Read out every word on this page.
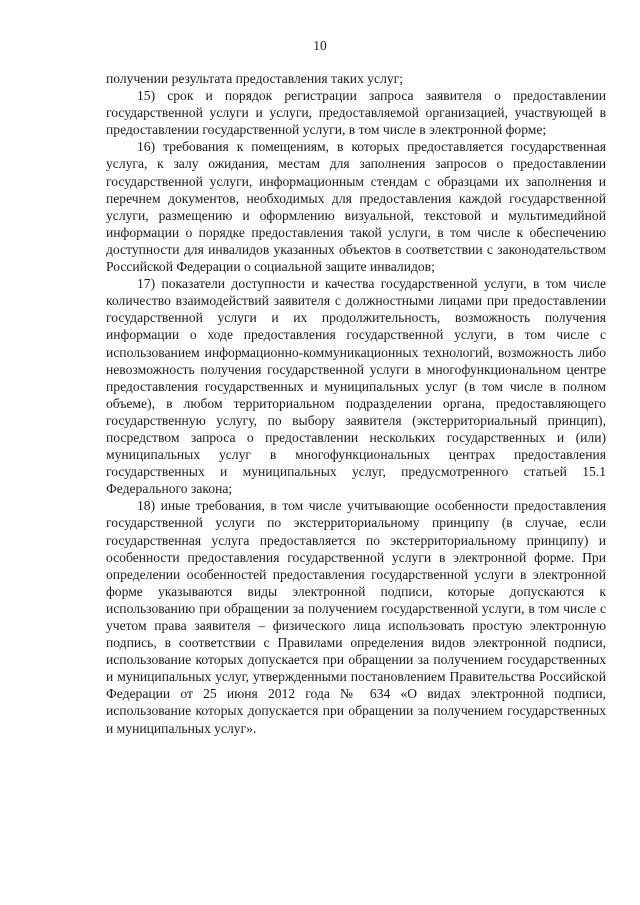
10

получении результата предоставления таких услуг;

15) срок и порядок регистрации запроса заявителя о предоставлении государственной услуги и услуги, предоставляемой организацией, участвующей в предоставлении государственной услуги, в том числе в электронной форме;

16) требования к помещениям, в которых предоставляется государственная услуга, к залу ожидания, местам для заполнения запросов о предоставлении государственной услуги, информационным стендам с образцами их заполнения и перечнем документов, необходимых для предоставления каждой государственной услуги, размещению и оформлению визуальной, текстовой и мультимедийной информации о порядке предоставления такой услуги, в том числе к обеспечению доступности для инвалидов указанных объектов в соответствии с законодательством Российской Федерации о социальной защите инвалидов;

17) показатели доступности и качества государственной услуги, в том числе количество взаимодействий заявителя с должностными лицами при предоставлении государственной услуги и их продолжительность, возможность получения информации о ходе предоставления государственной услуги, в том числе с использованием информационно-коммуникационных технологий, возможность либо невозможность получения государственной услуги в многофункциональном центре предоставления государственных и муниципальных услуг (в том числе в полном объеме), в любом территориальном подразделении органа, предоставляющего государственную услугу, по выбору заявителя (экстерриториальный принцип), посредством запроса о предоставлении нескольких государственных и (или) муниципальных услуг в многофункциональных центрах предоставления государственных и муниципальных услуг, предусмотренного статьей 15.1 Федерального закона;

18) иные требования, в том числе учитывающие особенности предоставления государственной услуги по экстерриториальному принципу (в случае, если государственная услуга предоставляется по экстерриториальному принципу) и особенности предоставления государственной услуги в электронной форме. При определении особенностей предоставления государственной услуги в электронной форме указываются виды электронной подписи, которые допускаются к использованию при обращении за получением государственной услуги, в том числе с учетом права заявителя – физического лица использовать простую электронную подпись, в соответствии с Правилами определения видов электронной подписи, использование которых допускается при обращении за получением государственных и муниципальных услуг, утвержденными постановлением Правительства Российской Федерации от 25 июня 2012 года № 634 «О видах электронной подписи, использование которых допускается при обращении за получением государственных и муниципальных услуг».
